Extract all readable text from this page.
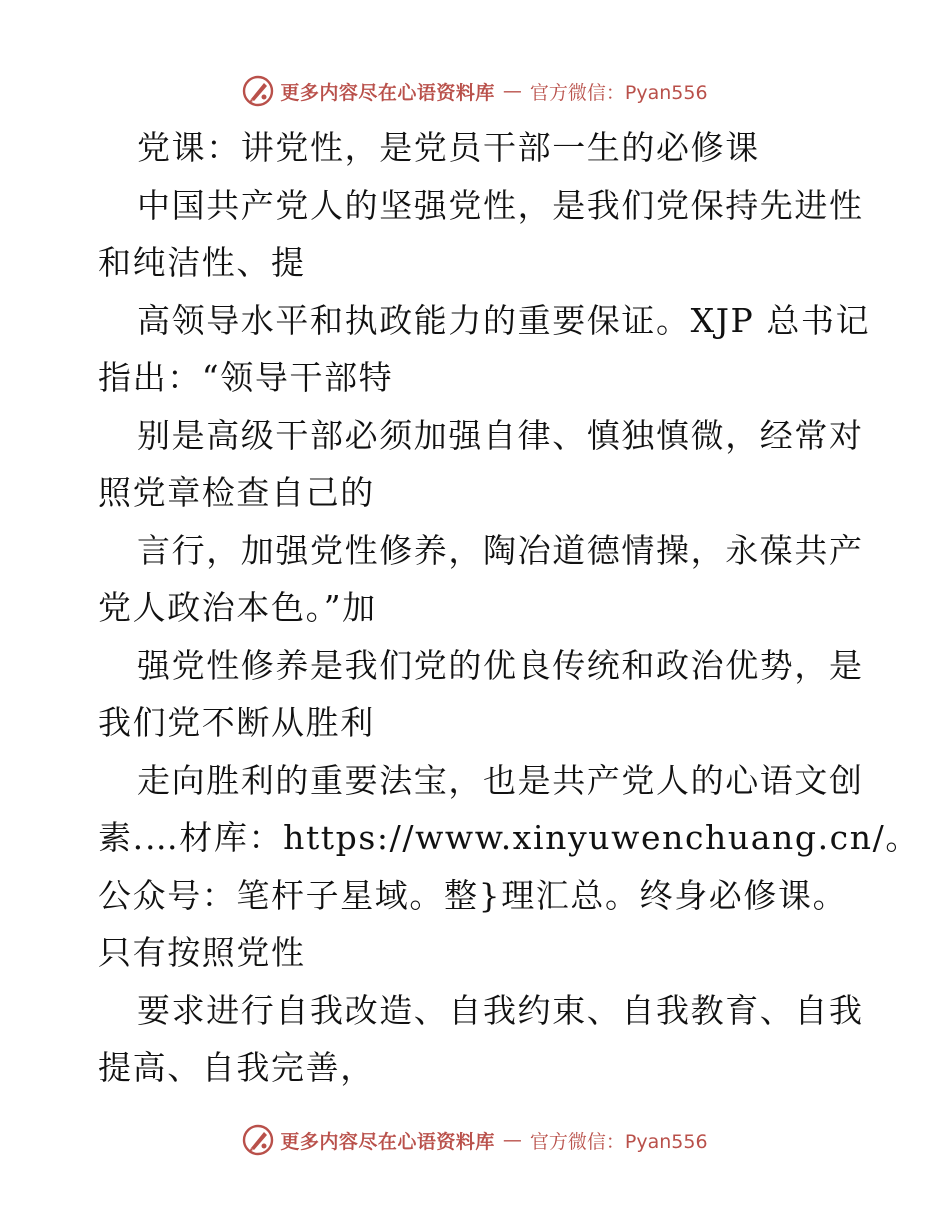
更多内容尽在心语资料库 — 官方微信：Pyan556
党课：讲党性，是党员干部一生的必修课
中国共产党人的坚强党性，是我们党保持先进性
和纯洁性、提
高领导水平和执政能力的重要保证。XJP 总书记
指出：“领导干部特
别是高级干部必须加强自律、慎独慎微，经常对
照党章检查自己的
言行，加强党性修养，陶冶道德情操，永葆共产
党人政治本色。”加
强党性修养是我们党的优良传统和政治优势，是
我们党不断从胜利
走向胜利的重要法宝，也是共产党人的心语文创
素.…材库：https://www.xinyuwenchuang.cn/。
公众号：笔杆子星域。整}理汇总。终身必修课。
只有按照党性
要求进行自我改造、自我约束、自我教育、自我
提高、自我完善，
更多内容尽在心语资料库 — 官方微信：Pyan556
